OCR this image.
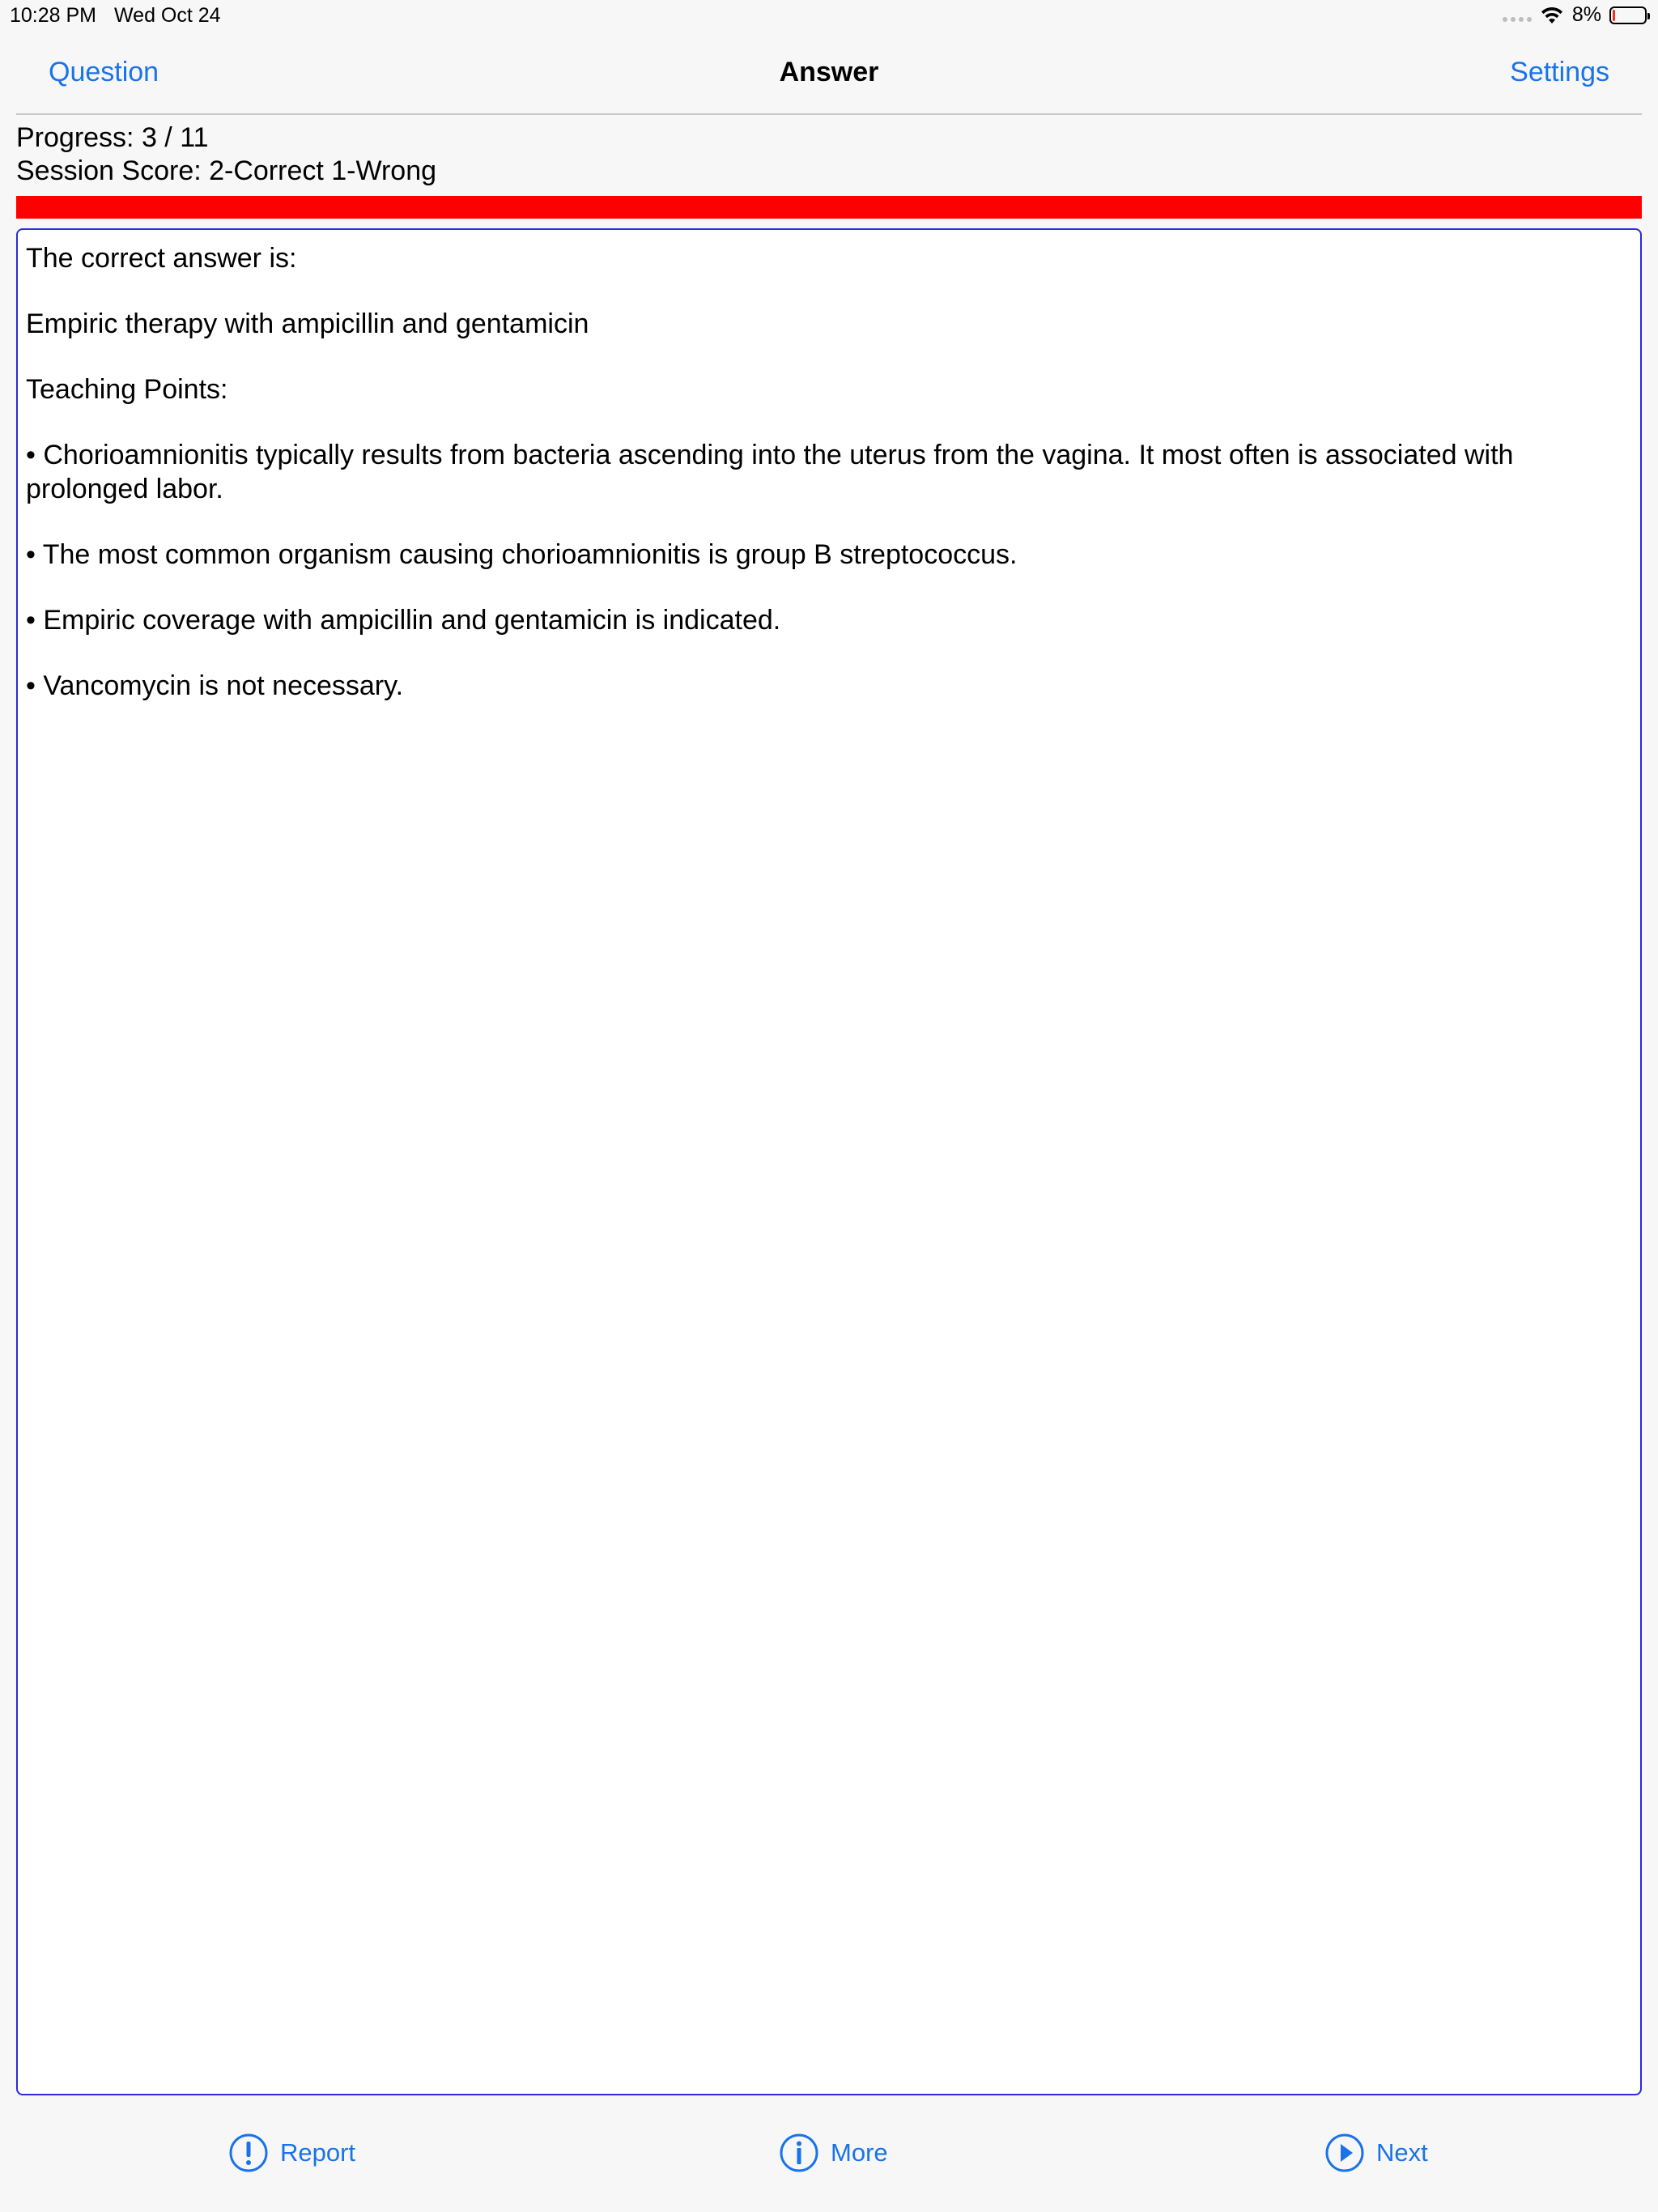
10:28 PM Wed Oct 24	8%
Question	Answer	Settings
Progress: 3 / 11
Session Score: 2-Correct 1-Wrong

The correct answer is:

Empiric therapy with ampicillin and gentamicin

Teaching Points:

• Chorioamnionitis typically results from bacteria ascending into the uterus from the vagina. It most often is associated with prolonged labor.

• The most common organism causing chorioamnionitis is group B streptococcus.

• Empiric coverage with ampicillin and gentamicin is indicated.

• Vancomycin is not necessary.

Report	More	Next
